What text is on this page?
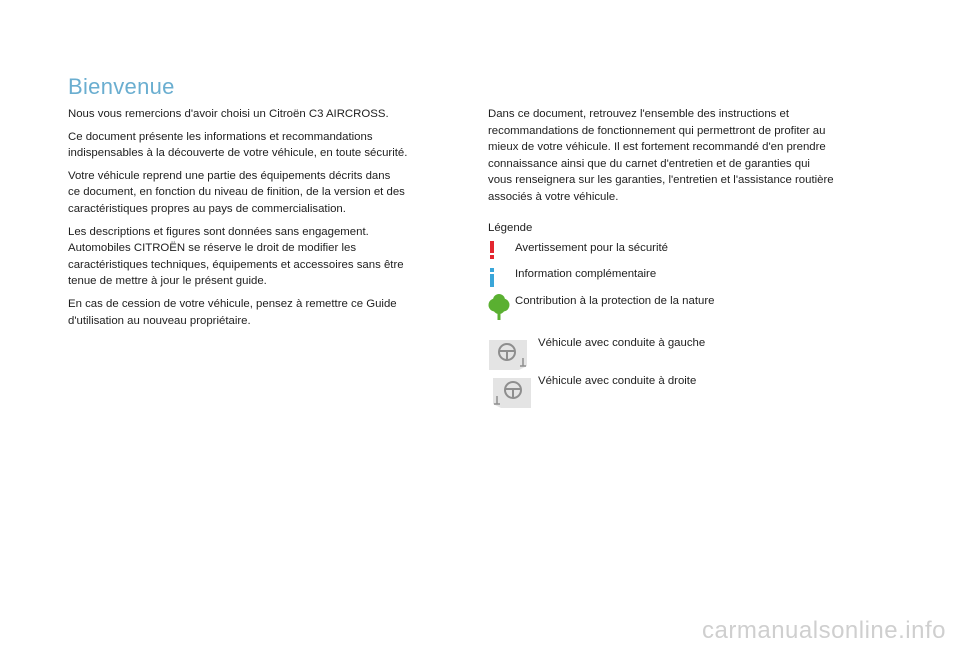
Bienvenue

Nous vous remercions d'avoir choisi un Citroën C3 AIRCROSS.

Ce document présente les informations et recommandations
indispensables à la découverte de votre véhicule, en toute sécurité.

Votre véhicule reprend une partie des équipements décrits dans
ce document, en fonction du niveau de finition, de la version et des
caractéristiques propres au pays de commercialisation.

Les descriptions et figures sont données sans engagement.
Automobiles CITROËN se réserve le droit de modifier les
caractéristiques techniques, équipements et accessoires sans être
tenue de mettre à jour le présent guide.

En cas de cession de votre véhicule, pensez à remettre ce Guide
d'utilisation au nouveau propriétaire.

Dans ce document, retrouvez l'ensemble des instructions et
recommandations de fonctionnement qui permettront de profiter au
mieux de votre véhicule. Il est fortement recommandé d'en prendre
connaissance ainsi que du carnet d'entretien et de garanties qui
vous renseignera sur les garanties, l'entretien et l'assistance routière
associés à votre véhicule.

Légende
Avertissement pour la sécurité
Information complémentaire
Contribution à la protection de la nature
Véhicule avec conduite à gauche
Véhicule avec conduite à droite
carmanualsonline.info
